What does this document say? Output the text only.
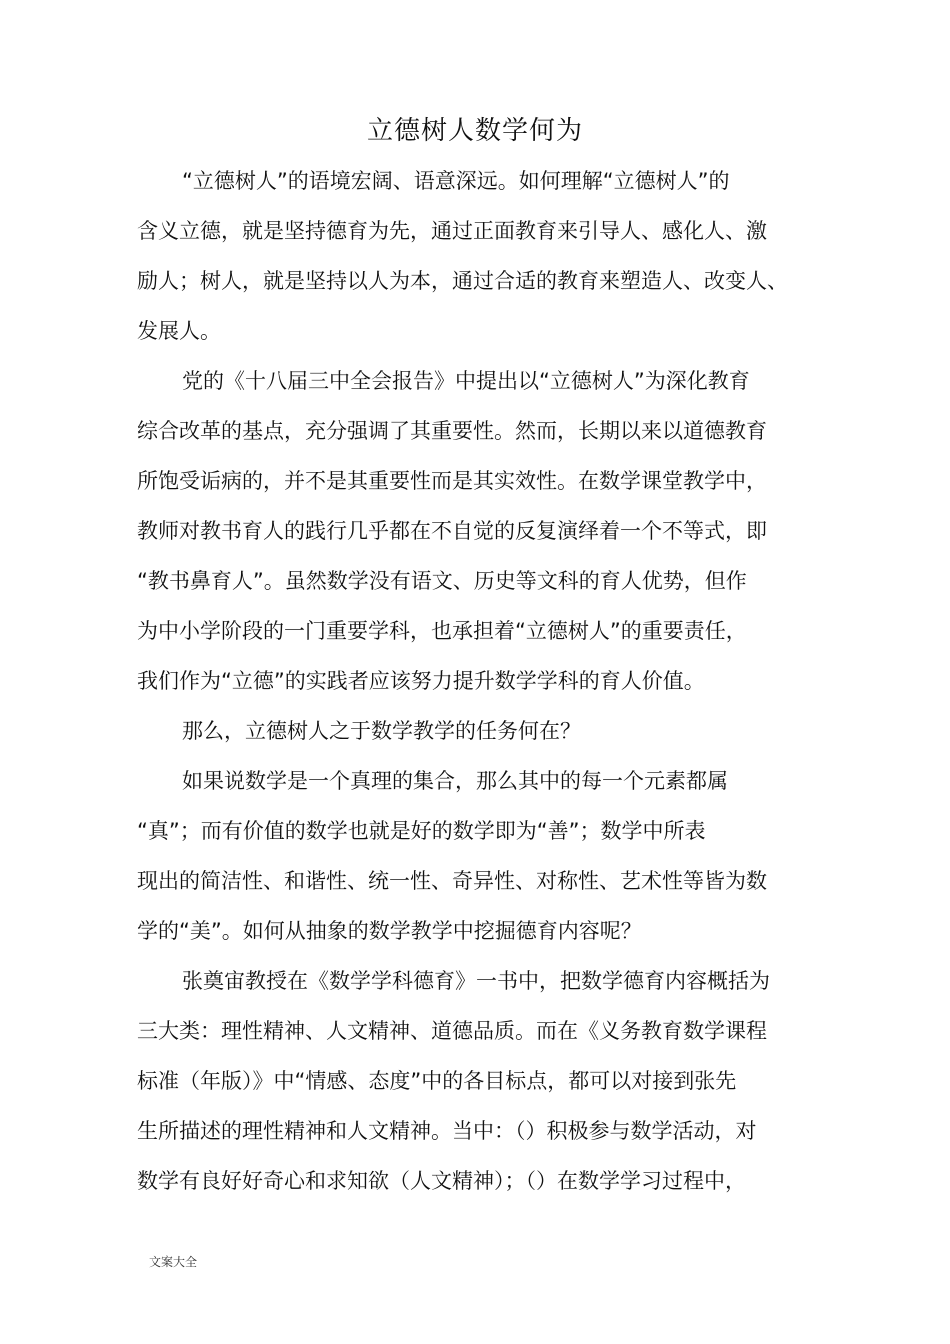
立德树人数学何为
“立德树人”的语境宏阔、语意深远。如何理解“立德树人”的
含义立德，就是坚持德育为先，通过正面教育来引导人、感化人、激
励人；树人，就是坚持以人为本，通过合适的教育来塑造人、改变人、
发展人。
党的《十八届三中全会报告》中提出以“立德树人”为深化教育
综合改革的基点，充分强调了其重要性。然而，长期以来以道德教育
所饱受诟病的，并不是其重要性而是其实效性。在数学课堂教学中，
教师对教书育人的践行几乎都在不自觉的反复演绎着一个不等式，即
“教书鼻育人”。虽然数学没有语文、历史等文科的育人优势，但作
为中小学阶段的一门重要学科，也承担着“立德树人”的重要责任，
我们作为“立德”的实践者应该努力提升数学学科的育人价值。
那么，立德树人之于数学教学的任务何在？
如果说数学是一个真理的集合，那么其中的每一个元素都属
“真”；而有价值的数学也就是好的数学即为“善”；数学中所表
现出的简洁性、和谐性、统一性、奇异性、对称性、艺术性等皆为数
学的“美”。如何从抽象的数学教学中挖掘德育内容呢？
张奠宙教授在《数学学科德育》一书中，把数学德育内容概括为
三大类：理性精神、人文精神、道德品质。而在《义务教育数学课程
标准（年版）》中“情感、态度”中的各目标点，都可以对接到张先
生所描述的理性精神和人文精神。当中：（）积极参与数学活动，对
数学有良好好奇心和求知欲（人文精神）；（）在数学学习过程中，
文案大全
